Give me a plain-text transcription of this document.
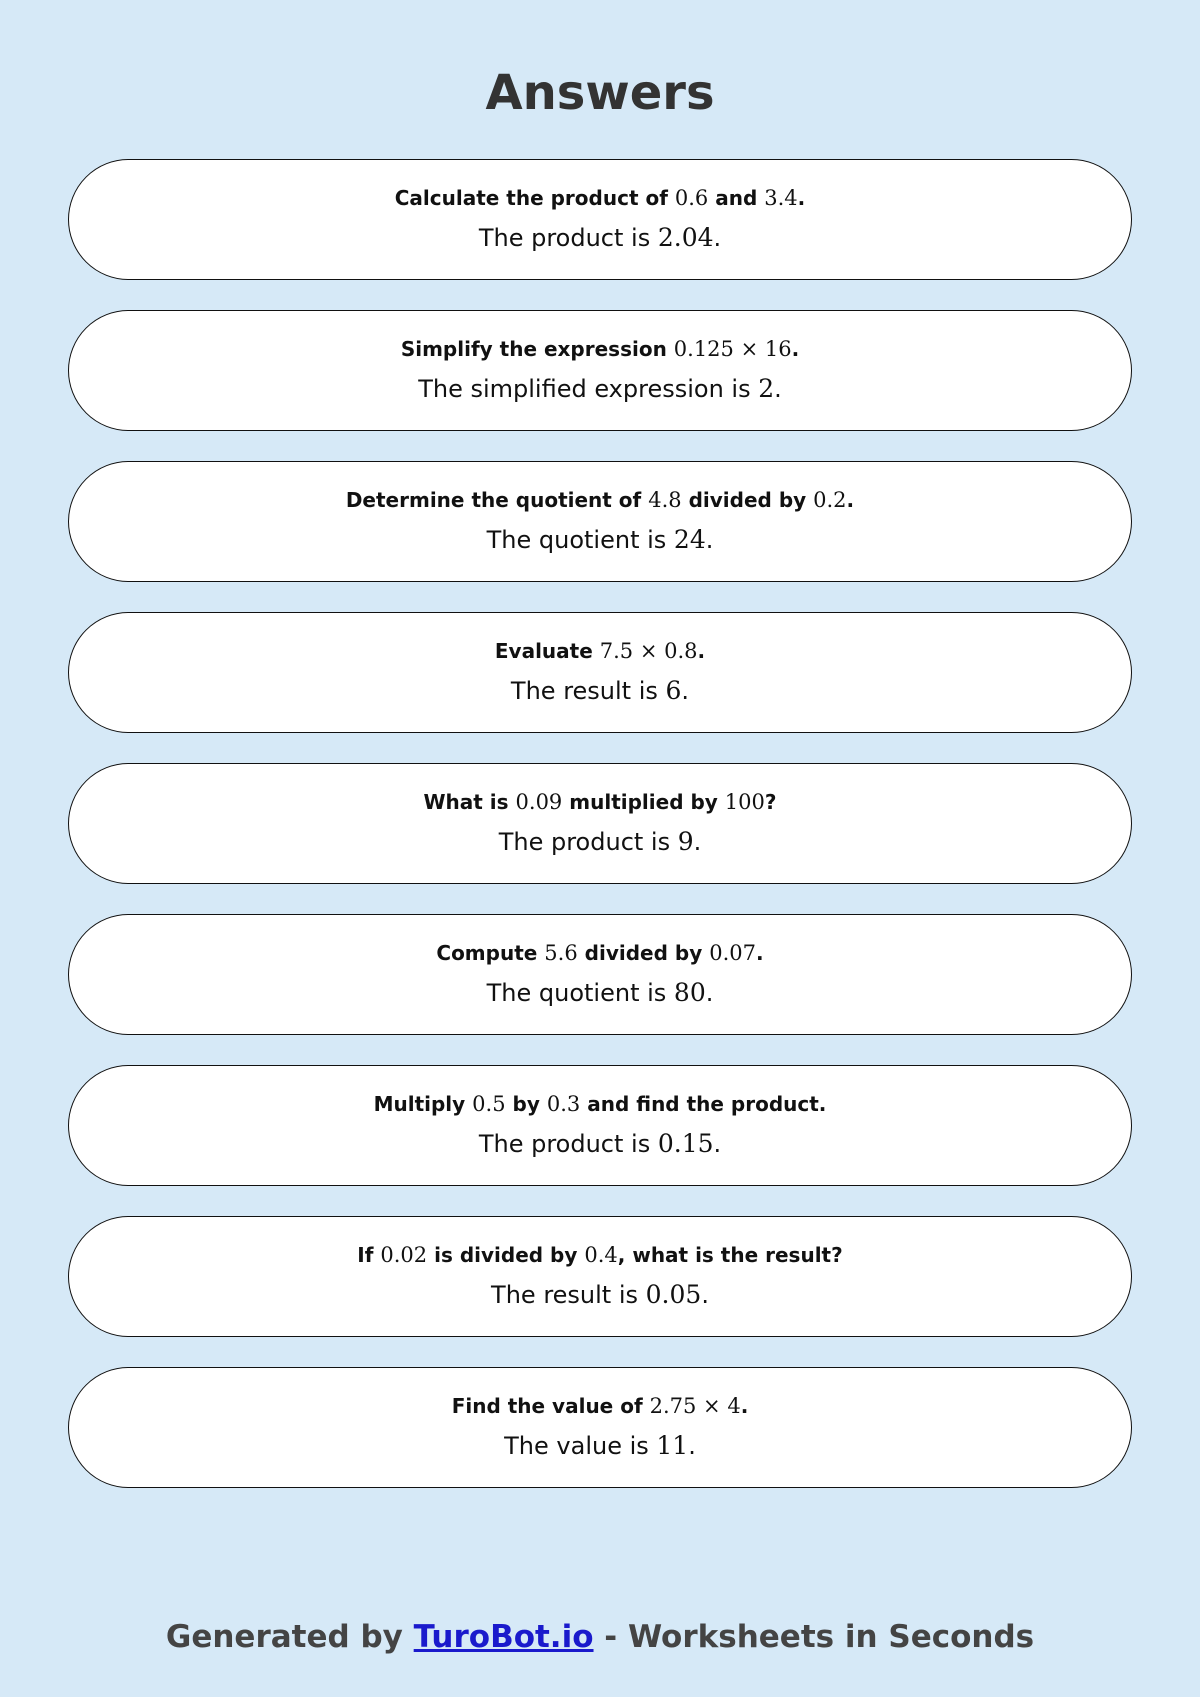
Answers

Calculate the product of 0.6 and 3.4.

The product is 2.04.

Simplify the expression 0.125 × 16.

The simplified expression is 2.

Determine the quotient of 4.8 divided by 0.2.

The quotient is 24.

Evaluate 7.5 × 0.8.

The result is 6.

What is 0.09 multiplied by 100?

The product is 9.

Compute 5.6 divided by 0.07.

The quotient is 80.

Multiply 0.5 by 0.3 and find the product.

The product is 0.15.

If 0.02 is divided by 0.4, what is the result?

The result is 0.05.

Find the value of 2.75 × 4.

The value is 11.

Generated by TuroBot.io - Worksheets in Seconds
